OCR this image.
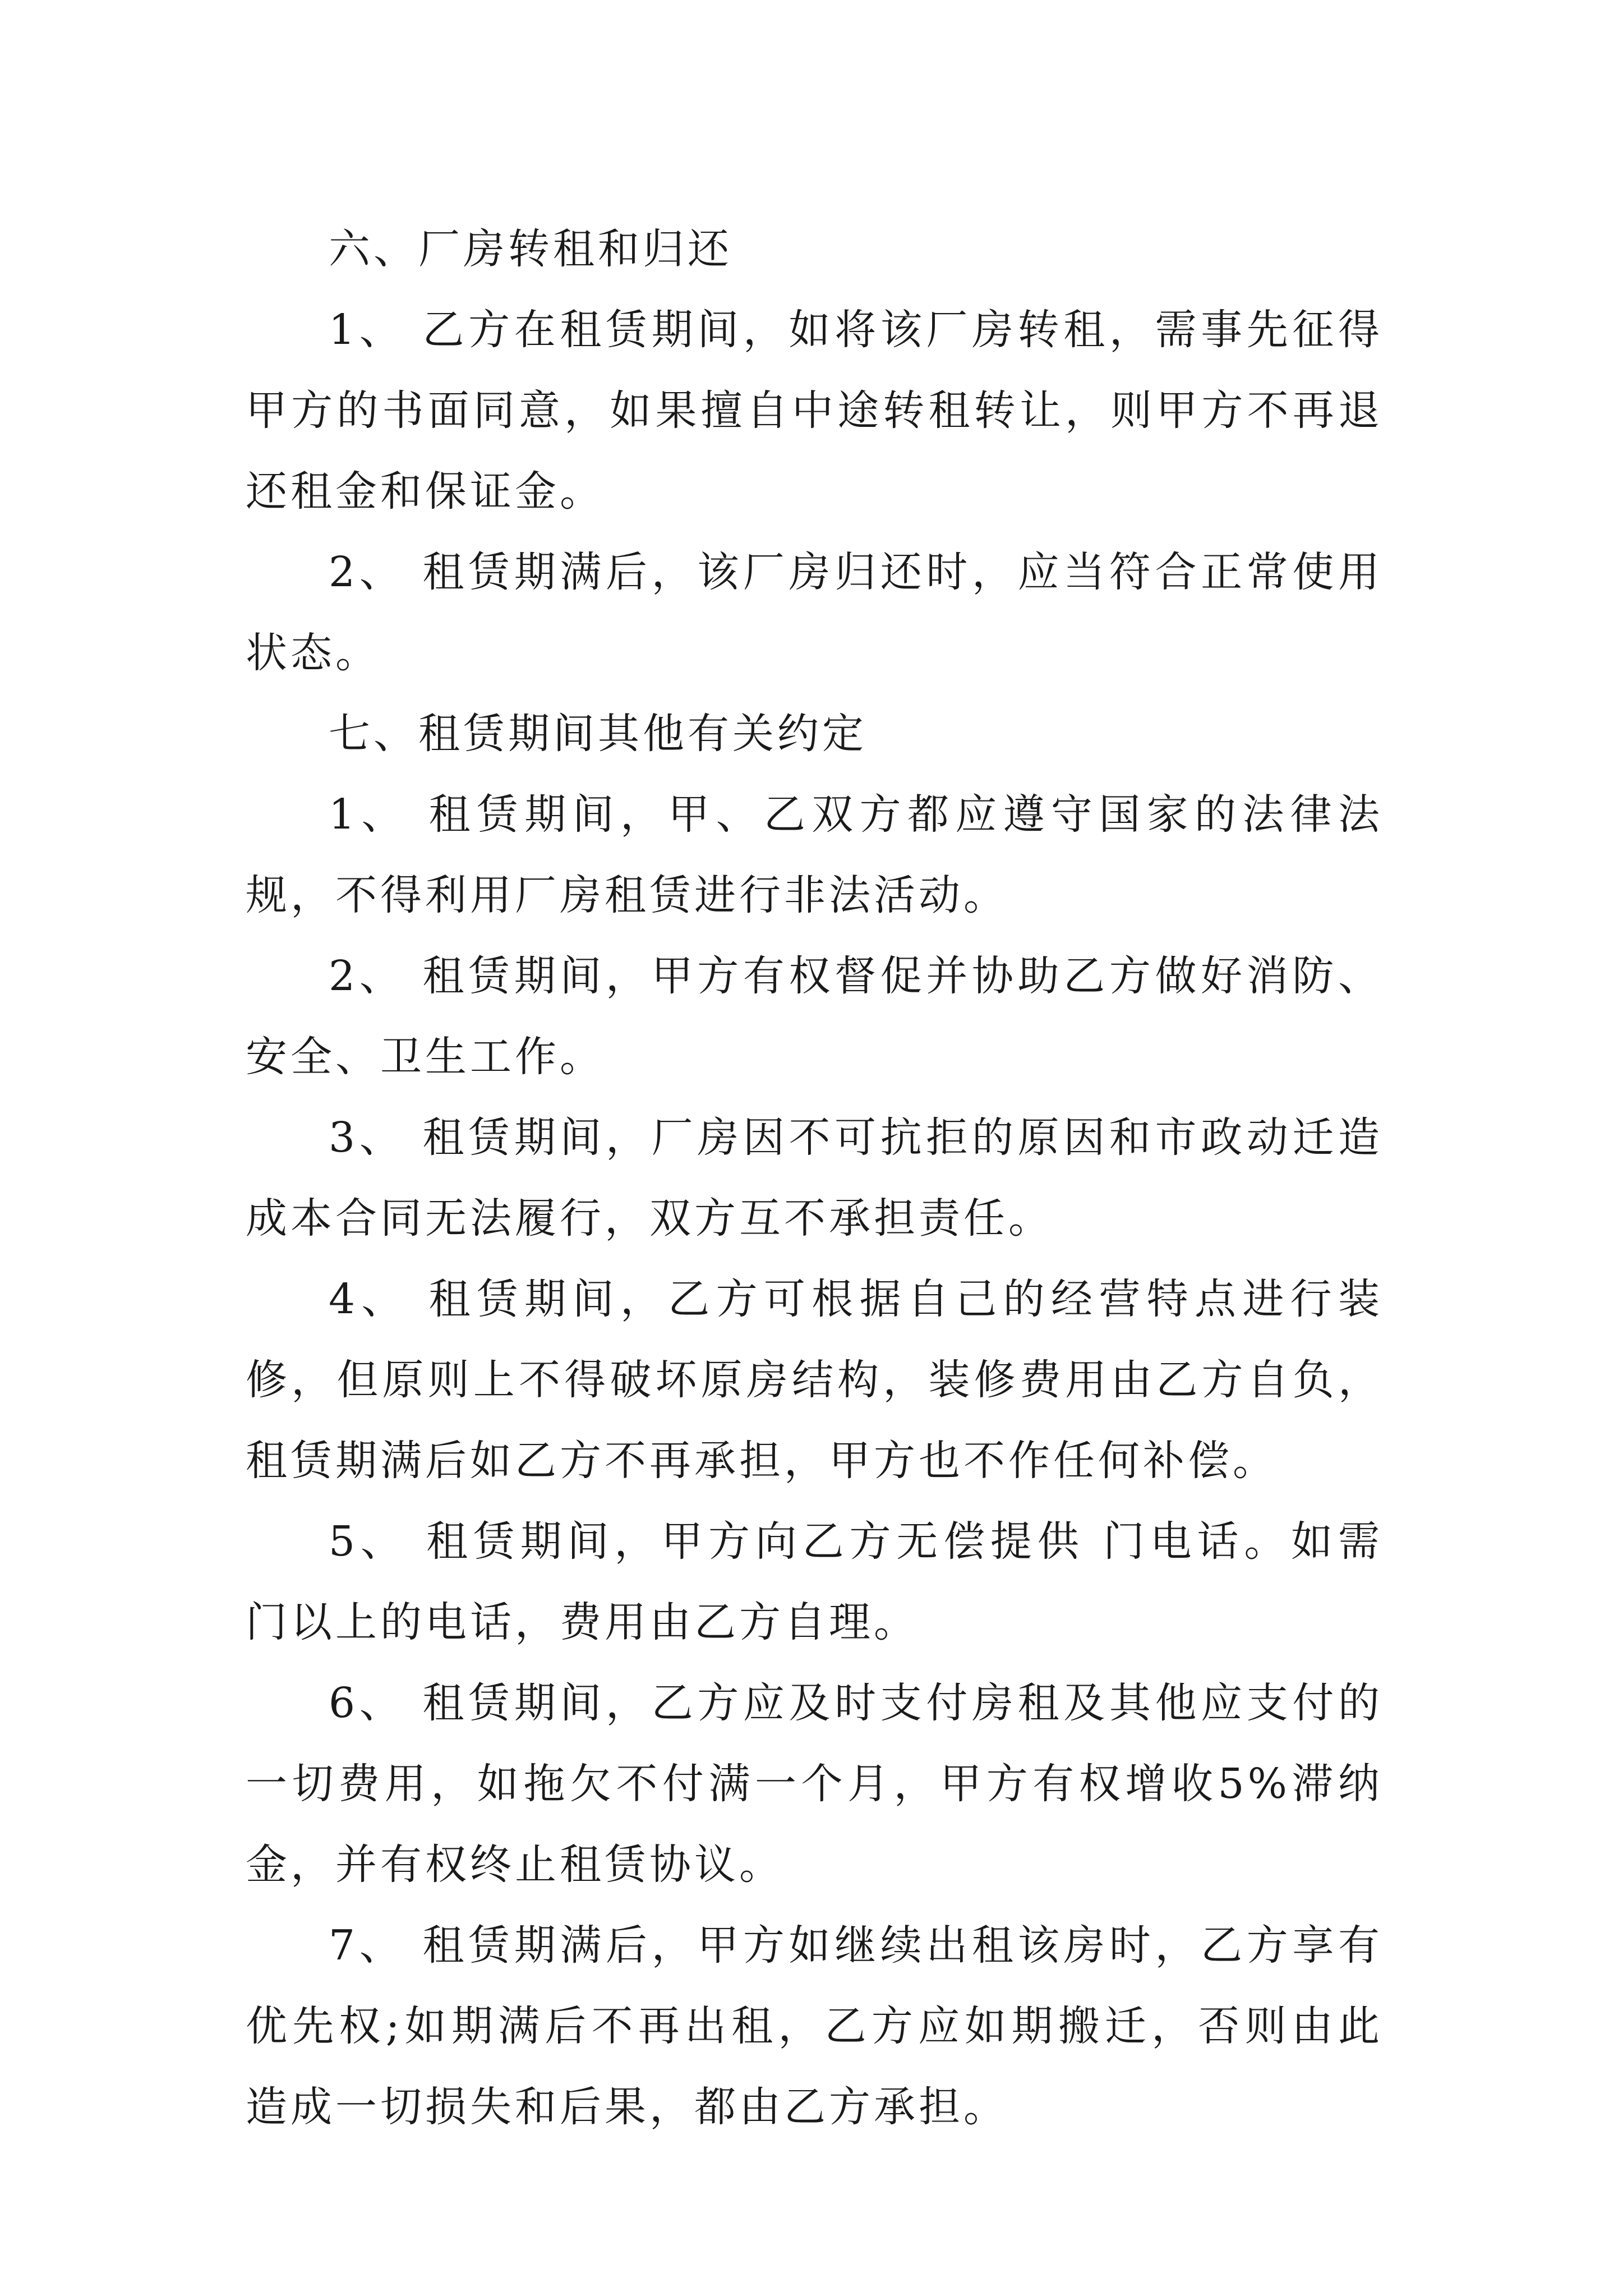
六、厂房转租和归还

1、 乙方在租赁期间，如将该厂房转租，需事先征得甲方的书面同意，如果擅自中途转租转让，则甲方不再退还租金和保证金。

2、 租赁期满后，该厂房归还时，应当符合正常使用状态。

七、租赁期间其他有关约定

1、 租赁期间，甲、乙双方都应遵守国家的法律法规，不得利用厂房租赁进行非法活动。

2、 租赁期间，甲方有权督促并协助乙方做好消防、安全、卫生工作。

3、 租赁期间，厂房因不可抗拒的原因和市政动迁造成本合同无法履行，双方互不承担责任。

4、 租赁期间，乙方可根据自己的经营特点进行装修，但原则上不得破坏原房结构，装修费用由乙方自负，租赁期满后如乙方不再承担，甲方也不作任何补偿。

5、 租赁期间，甲方向乙方无偿提供 门电话。如需 门以上的电话，费用由乙方自理。

6、 租赁期间，乙方应及时支付房租及其他应支付的一切费用，如拖欠不付满一个月，甲方有权增收5%滞纳金，并有权终止租赁协议。

7、 租赁期满后，甲方如继续出租该房时，乙方享有优先权;如期满后不再出租，乙方应如期搬迁，否则由此造成一切损失和后果，都由乙方承担。
